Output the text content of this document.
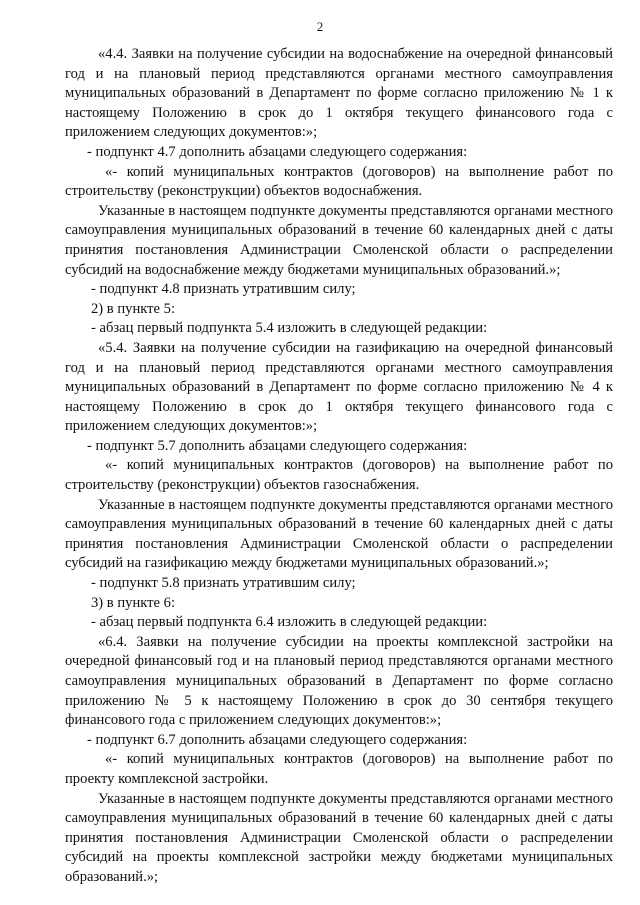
2

«4.4. Заявки на получение субсидии на водоснабжение на очередной финансовый год и на плановый период представляются органами местного самоуправления муниципальных образований в Департамент по форме согласно приложению № 1 к настоящему Положению в срок до 1 октября текущего финансового года с приложением следующих документов:»;

- подпункт 4.7 дополнить абзацами следующего содержания:

«- копий муниципальных контрактов (договоров) на выполнение работ по строительству (реконструкции) объектов водоснабжения.

Указанные в настоящем подпункте документы представляются органами местного самоуправления муниципальных образований в течение 60 календарных дней с даты принятия постановления Администрации Смоленской области о распределении субсидий на водоснабжение между бюджетами муниципальных образований.»;

- подпункт 4.8 признать утратившим силу;

2) в пункте 5:

- абзац первый подпункта 5.4 изложить в следующей редакции:

«5.4. Заявки на получение субсидии на газификацию на очередной финансовый год и на плановый период представляются органами местного самоуправления муниципальных образований в Департамент по форме согласно приложению № 4 к настоящему Положению в срок до 1 октября текущего финансового года с приложением следующих документов:»;

- подпункт 5.7 дополнить абзацами следующего содержания:

«- копий муниципальных контрактов (договоров) на выполнение работ по строительству (реконструкции) объектов газоснабжения.

Указанные в настоящем подпункте документы представляются органами местного самоуправления муниципальных образований в течение 60 календарных дней с даты принятия постановления Администрации Смоленской области о распределении субсидий на газификацию между бюджетами муниципальных образований.»;

- подпункт 5.8 признать утратившим силу;

3) в пункте 6:

- абзац первый подпункта 6.4 изложить в следующей редакции:

«6.4. Заявки на получение субсидии на проекты комплексной застройки на очередной финансовый год и на плановый период представляются органами местного самоуправления муниципальных образований в Департамент по форме согласно приложению № 5 к настоящему Положению в срок до 30 сентября текущего финансового года с приложением следующих документов:»;

- подпункт 6.7 дополнить абзацами следующего содержания:

«- копий муниципальных контрактов (договоров) на выполнение работ по проекту комплексной застройки.

Указанные в настоящем подпункте документы представляются органами местного самоуправления муниципальных образований в течение 60 календарных дней с даты принятия постановления Администрации Смоленской области о распределении субсидий на проекты комплексной застройки между бюджетами муниципальных образований.»;
